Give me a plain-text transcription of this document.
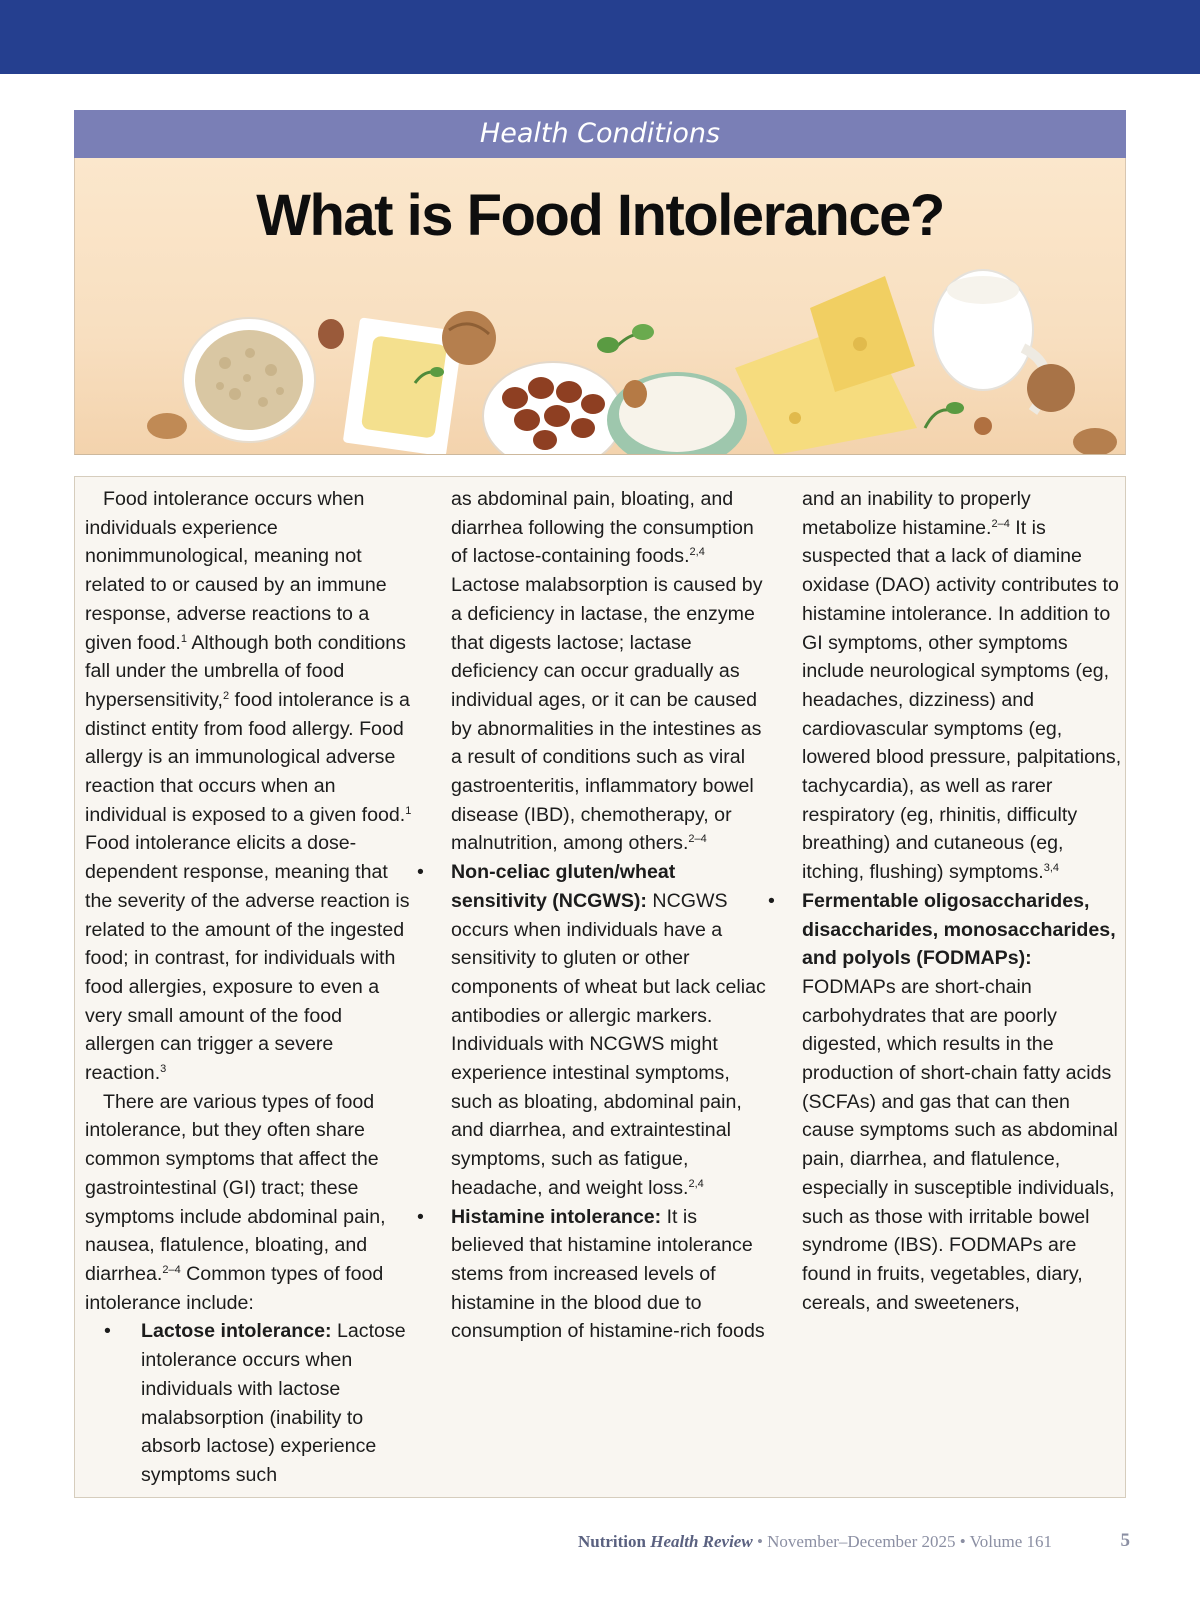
Health Conditions
What is Food Intolerance?

Food intolerance occurs when individuals experience nonimmunological, meaning not related to or caused by an immune response, adverse reactions to a given food.$^1$ Although both conditions fall under the umbrella of food hypersensitivity,$^2$ food intolerance is a distinct entity from food allergy. Food allergy is an immunological adverse reaction that occurs when an individual is exposed to a given food.$^1$ Food intolerance elicits a dose-dependent response, meaning that the severity of the adverse reaction is related to the amount of the ingested food; in contrast, for individuals with food allergies, exposure to even a very small amount of the food allergen can trigger a severe reaction.$^3$

There are various types of food intolerance, but they often share common symptoms that affect the gastrointestinal (GI) tract; these symptoms include abdominal pain, nausea, flatulence, bloating, and diarrhea.$^{2-4}$ Common types of food intolerance include:

• Lactose intolerance: Lactose intolerance occurs when individuals with lactose malabsorption (inability to absorb lactose) experience symptoms such

as abdominal pain, bloating, and diarrhea following the consumption of lactose-containing foods.$^{2,4}$ Lactose malabsorption is caused by a deficiency in lactase, the enzyme that digests lactose; lactase deficiency can occur gradually as individual ages, or it can be caused by abnormalities in the intestines as a result of conditions such as viral gastroenteritis, inflammatory bowel disease (IBD), chemotherapy, or malnutrition, among others.$^{2-4}$

• Non-celiac gluten/wheat sensitivity (NCGWS): NCGWS occurs when individuals have a sensitivity to gluten or other components of wheat but lack celiac antibodies or allergic markers. Individuals with NCGWS might experience intestinal symptoms, such as bloating, abdominal pain, and diarrhea, and extraintestinal symptoms, such as fatigue, headache, and weight loss.$^{2,4}$

• Histamine intolerance: It is believed that histamine intolerance stems from increased levels of histamine in the blood due to consumption of histamine-rich foods

and an inability to properly metabolize histamine.$^{2-4}$ It is suspected that a lack of diamine oxidase (DAO) activity contributes to histamine intolerance. In addition to GI symptoms, other symptoms include neurological symptoms (eg, headaches, dizziness) and cardiovascular symptoms (eg, lowered blood pressure, palpitations, tachycardia), as well as rarer respiratory (eg, rhinitis, difficulty breathing) and cutaneous (eg, itching, flushing) symptoms.$^{3,4}$

• Fermentable oligosaccharides, disaccharides, monosaccharides, and polyols (FODMAPs): FODMAPs are short-chain carbohydrates that are poorly digested, which results in the production of short-chain fatty acids (SCFAs) and gas that can then cause symptoms such as abdominal pain, diarrhea, and flatulence, especially in susceptible individuals, such as those with irritable bowel syndrome (IBS). FODMAPs are found in fruits, vegetables, diary, cereals, and sweeteners,

Nutrition Health Review • November–December 2025 • Volume 161	5
